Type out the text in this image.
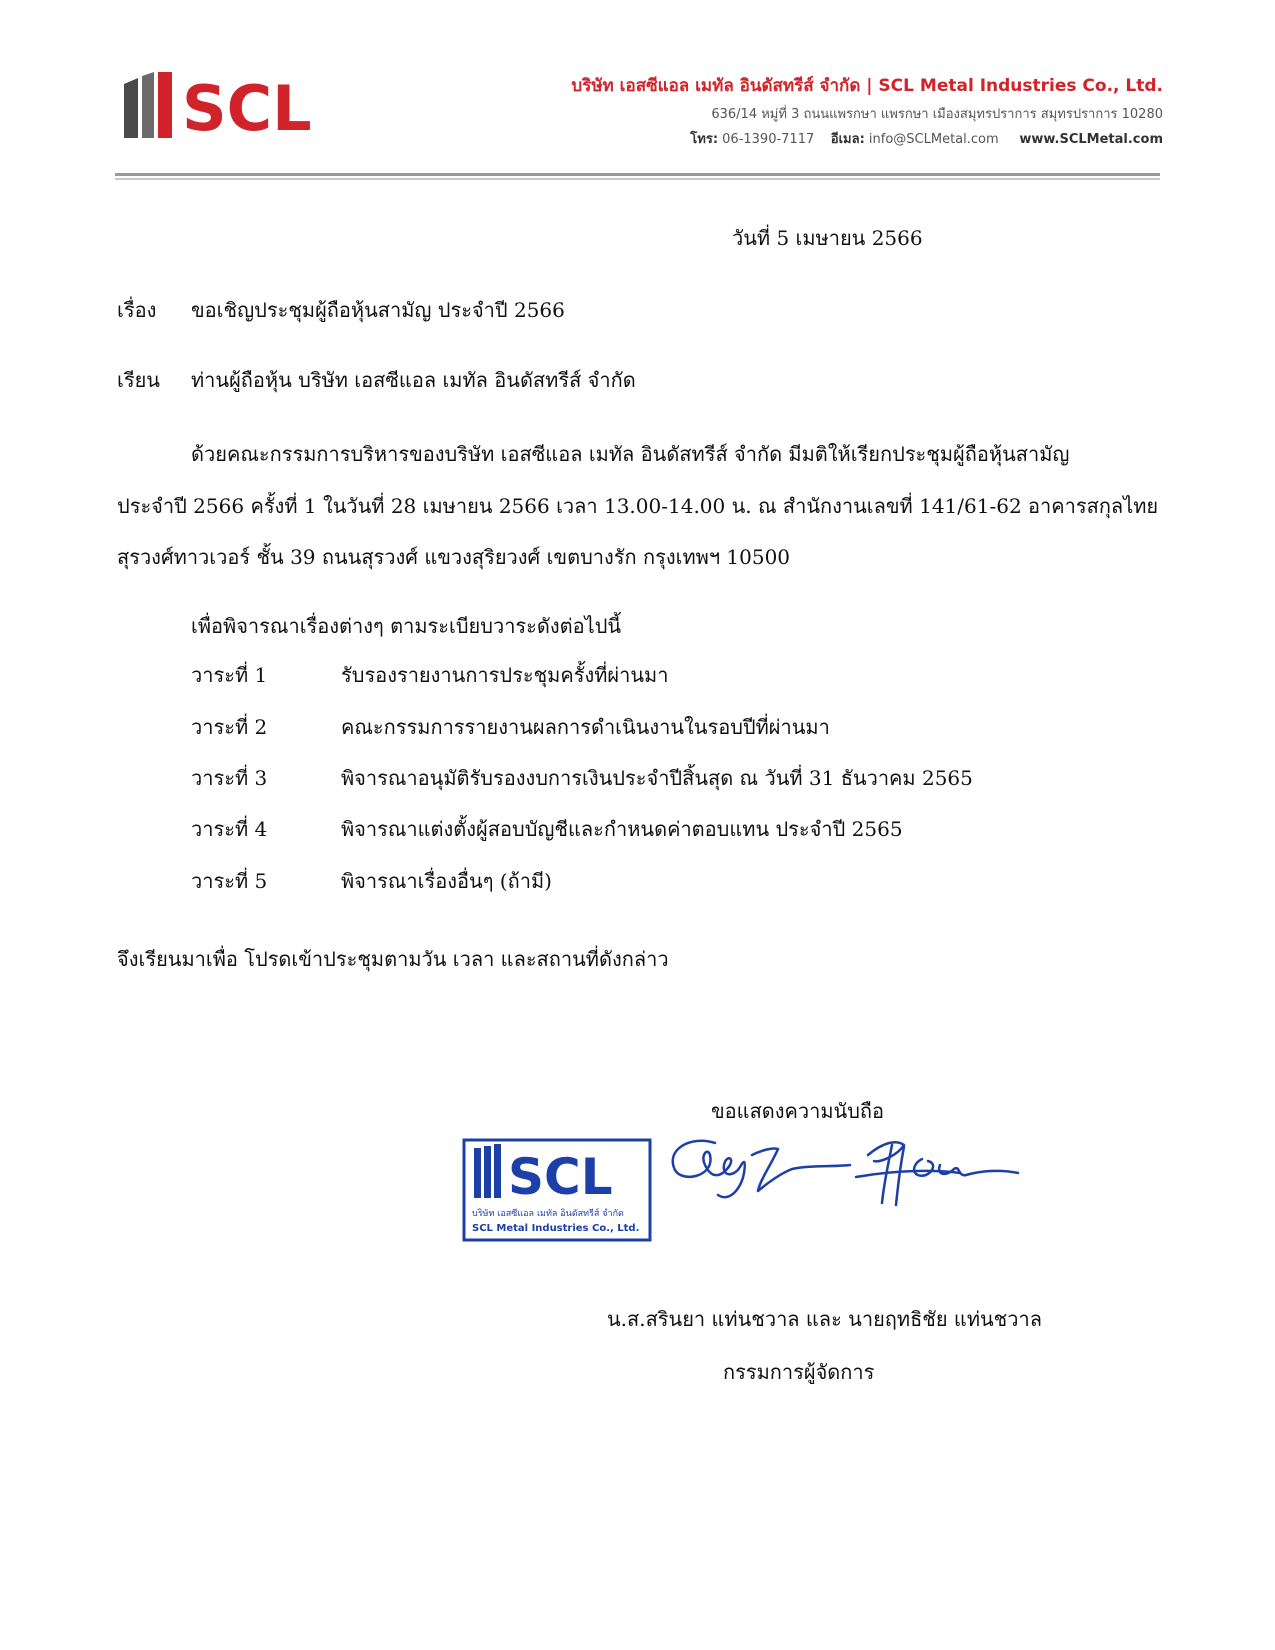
SCL	บริษัท เอสซีแอล เมทัล อินดัสทรีส์ จำกัด | SCL Metal Industries Co., Ltd.
636/14 หมู่ที่ 3 ถนนแพรกษา แพรกษา เมืองสมุทรปราการ สมุทรปราการ 10280
โทร: 06-1390-7117 อีเมล: info@SCLMetal.com www.SCLMetal.com
วันที่ 5 เมษายน 2566
เรื่อง ขอเชิญประชุมผู้ถือหุ้นสามัญ ประจำปี 2566
เรียน ท่านผู้ถือหุ้น บริษัท เอสซีแอล เมทัล อินดัสทรีส์ จำกัด
ด้วยคณะกรรมการบริหารของบริษัท เอสซีแอล เมทัล อินดัสทรีส์ จำกัด มีมติให้เรียกประชุมผู้ถือหุ้นสามัญ
ประจำปี 2566 ครั้งที่ 1 ในวันที่ 28 เมษายน 2566 เวลา 13.00-14.00 น. ณ สำนักงานเลขที่ 141/61-62 อาคารสกุลไทย
สุรวงศ์ทาวเวอร์ ชั้น 39 ถนนสุรวงศ์ แขวงสุริยวงศ์ เขตบางรัก กรุงเทพฯ 10500
เพื่อพิจารณาเรื่องต่างๆ ตามระเบียบวาระดังต่อไปนี้
วาระที่ 1	รับรองรายงานการประชุมครั้งที่ผ่านมา
วาระที่ 2	คณะกรรมการรายงานผลการดำเนินงานในรอบปีที่ผ่านมา
วาระที่ 3	พิจารณาอนุมัติรับรองงบการเงินประจำปีสิ้นสุด ณ วันที่ 31 ธันวาคม 2565
วาระที่ 4	พิจารณาแต่งตั้งผู้สอบบัญชีและกำหนดค่าตอบแทน ประจำปี 2565
วาระที่ 5	พิจารณาเรื่องอื่นๆ (ถ้ามี)
จึงเรียนมาเพื่อ โปรดเข้าประชุมตามวัน เวลา และสถานที่ดังกล่าว
ขอแสดงความนับถือ
SCL
บริษัท เอสซีแอล เมทัล อินดัสทรีส์ จำกัด
SCL Metal Industries Co., Ltd.
น.ส.สรินยา แท่นชวาล และ นายฤทธิชัย แท่นชวาล
กรรมการผู้จัดการ
